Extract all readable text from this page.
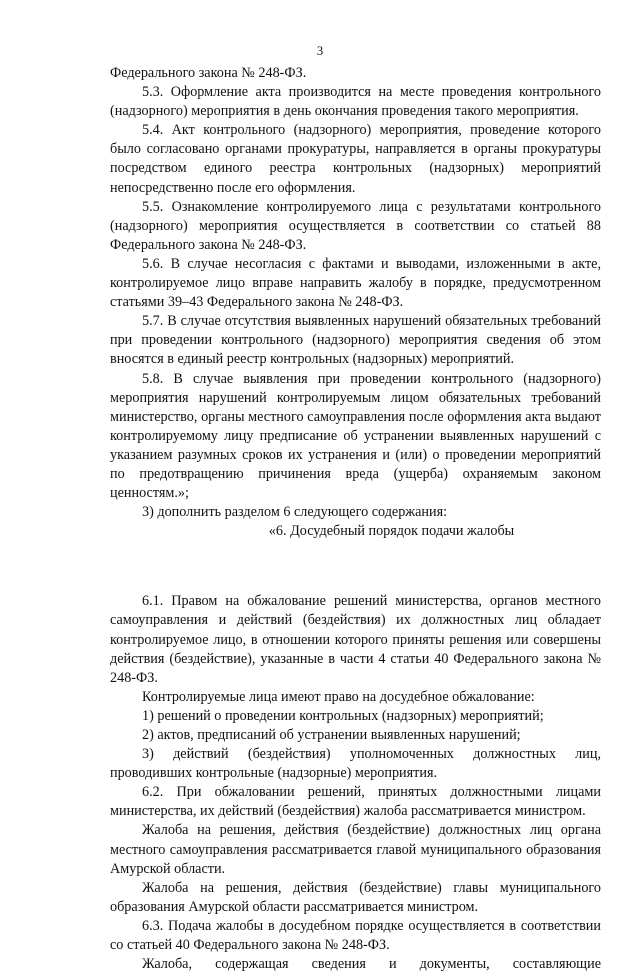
3

Федерального закона № 248-ФЗ.

5.3. Оформление акта производится на месте проведения контрольного (надзорного) мероприятия в день окончания проведения такого мероприятия.

5.4. Акт контрольного (надзорного) мероприятия, проведение которого было согласовано органами прокуратуры, направляется в органы прокуратуры посредством единого реестра контрольных (надзорных) мероприятий непосредственно после его оформления.

5.5. Ознакомление контролируемого лица с результатами контрольного (надзорного) мероприятия осуществляется в соответствии со статьей 88 Федерального закона № 248-ФЗ.

5.6. В случае несогласия с фактами и выводами, изложенными в акте, контролируемое лицо вправе направить жалобу в порядке, предусмотренном статьями 39–43 Федерального закона № 248-ФЗ.

5.7. В случае отсутствия выявленных нарушений обязательных требований при проведении контрольного (надзорного) мероприятия сведения об этом вносятся в единый реестр контрольных (надзорных) мероприятий.

5.8. В случае выявления при проведении контрольного (надзорного) мероприятия нарушений контролируемым лицом обязательных требований министерство, органы местного самоуправления после оформления акта выдают контролируемому лицу предписание об устранении выявленных нарушений с указанием разумных сроков их устранения и (или) о проведении мероприятий по предотвращению причинения вреда (ущерба) охраняемым законом ценностям.»;

3) дополнить разделом 6 следующего содержания:

«6. Досудебный порядок подачи жалобы

6.1. Правом на обжалование решений министерства, органов местного самоуправления и действий (бездействия) их должностных лиц обладает контролируемое лицо, в отношении которого приняты решения или совершены действия (бездействие), указанные в части 4 статьи 40 Федерального закона № 248-ФЗ.

Контролируемые лица имеют право на досудебное обжалование:

1) решений о проведении контрольных (надзорных) мероприятий;

2) актов, предписаний об устранении выявленных нарушений;

3) действий (бездействия) уполномоченных должностных лиц, проводивших контрольные (надзорные) мероприятия.

6.2. При обжаловании решений, принятых должностными лицами министерства, их действий (бездействия) жалоба рассматривается министром.

Жалоба на решения, действия (бездействие) должностных лиц органа местного самоуправления рассматривается главой муниципального образования Амурской области.

Жалоба на решения, действия (бездействие) главы муниципального образования Амурской области рассматривается министром.

6.3. Подача жалобы в досудебном порядке осуществляется в соответствии со статьей 40 Федерального закона № 248-ФЗ.

Жалоба, содержащая сведения и документы, составляющие
